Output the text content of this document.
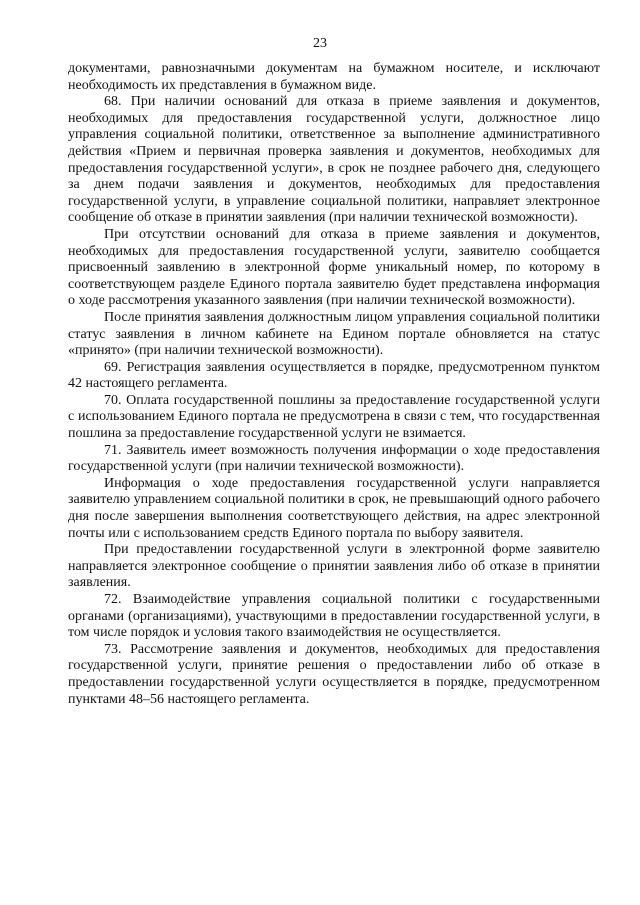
23

документами, равнозначными документам на бумажном носителе, и исключают необходимость их представления в бумажном виде.

68. При наличии оснований для отказа в приеме заявления и документов, необходимых для предоставления государственной услуги, должностное лицо управления социальной политики, ответственное за выполнение административного действия «Прием и первичная проверка заявления и документов, необходимых для предоставления государственной услуги», в срок не позднее рабочего дня, следующего за днем подачи заявления и документов, необходимых для предоставления государственной услуги, в управление социальной политики, направляет электронное сообщение об отказе в принятии заявления (при наличии технической возможности).

При отсутствии оснований для отказа в приеме заявления и документов, необходимых для предоставления государственной услуги, заявителю сообщается присвоенный заявлению в электронной форме уникальный номер, по которому в соответствующем разделе Единого портала заявителю будет представлена информация о ходе рассмотрения указанного заявления (при наличии технической возможности).

После принятия заявления должностным лицом управления социальной политики статус заявления в личном кабинете на Едином портале обновляется на статус «принято» (при наличии технической возможности).

69. Регистрация заявления осуществляется в порядке, предусмотренном пунктом 42 настоящего регламента.

70. Оплата государственной пошлины за предоставление государственной услуги с использованием Единого портала не предусмотрена в связи с тем, что государственная пошлина за предоставление государственной услуги не взимается.

71. Заявитель имеет возможность получения информации о ходе предоставления государственной услуги (при наличии технической возможности).

Информация о ходе предоставления государственной услуги направляется заявителю управлением социальной политики в срок, не превышающий одного рабочего дня после завершения выполнения соответствующего действия, на адрес электронной почты или с использованием средств Единого портала по выбору заявителя.

При предоставлении государственной услуги в электронной форме заявителю направляется электронное сообщение о принятии заявления либо об отказе в принятии заявления.

72. Взаимодействие управления социальной политики с государственными органами (организациями), участвующими в предоставлении государственной услуги, в том числе порядок и условия такого взаимодействия не осуществляется.

73. Рассмотрение заявления и документов, необходимых для предоставления государственной услуги, принятие решения о предоставлении либо об отказе в предоставлении государственной услуги осуществляется в порядке, предусмотренном пунктами 48–56 настоящего регламента.
